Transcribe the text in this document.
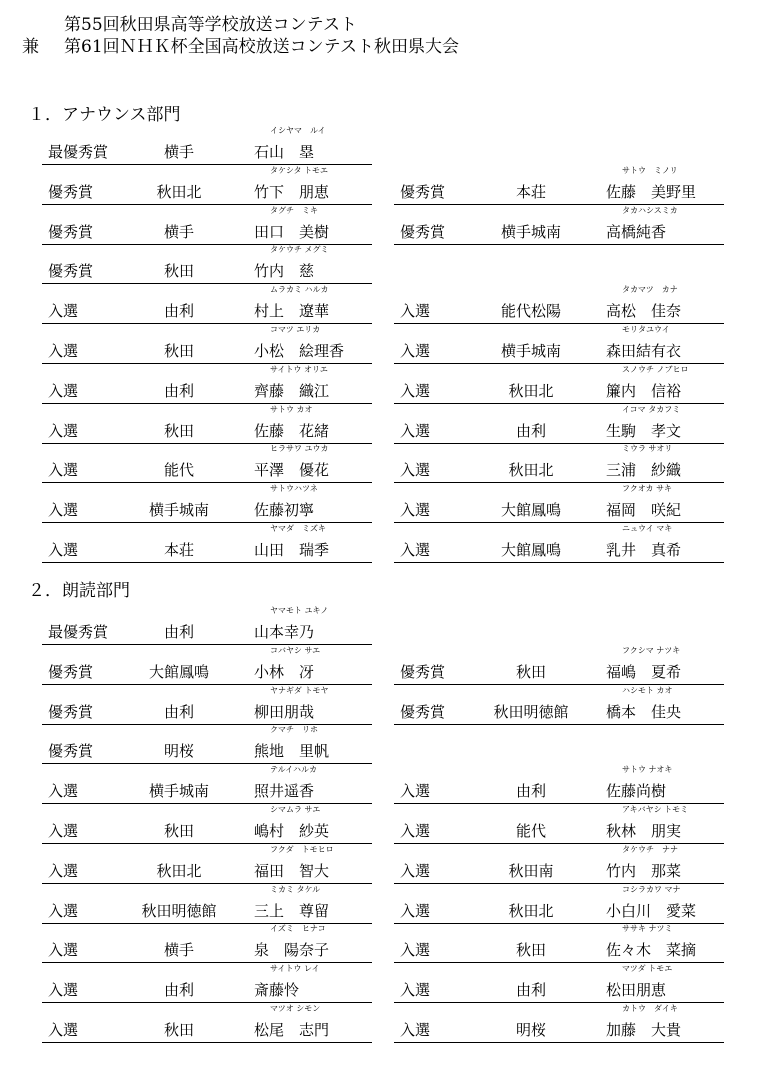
第55回秋田県高等学校放送コンテスト
兼	第61回ＮＨＫ杯全国高校放送コンテスト秋田県大会
１．アナウンス部門
イシヤマ　ルイ
最優秀賞	横手	石山　塁
タケシタ トモエ
優秀賞	秋田北	竹下　朋恵
サトウ　ミノリ
優秀賞	本荘	佐藤　美野里
タグチ　ミキ
優秀賞	横手	田口　美樹
タカハシスミカ
優秀賞	横手城南	高橋純香
タケウチ メグミ
優秀賞	秋田	竹内　慈
ムラカミ ハルカ
入選	由利	村上　遼華
タカマツ　カナ
入選	能代松陽	高松　佳奈
コマツ エリカ
入選	秋田	小松　絵理香
モリタユウイ
入選	横手城南	森田結有衣
サイトウ オリエ
入選	由利	齊藤　織江
スノウチ ノブヒロ
入選	秋田北	簾内　信裕
サトウ カオ
入選	秋田	佐藤　花緒
イコマ タカフミ
入選	由利	生駒　孝文
ヒラサワ ユウカ
入選	能代	平澤　優花
ミウラ サオリ
入選	秋田北	三浦　紗織
サトウハツネ
入選	横手城南	佐藤初寧
フクオカ サキ
入選	大館鳳鳴	福岡　咲紀
ヤマダ　ミズキ
入選	本荘	山田　瑞季
ニュウイ マキ
入選	大館鳳鳴	乳井　真希
２．朗読部門
ヤマモト ユキノ
最優秀賞	由利	山本幸乃
コバヤシ サエ
優秀賞	大館鳳鳴	小林　冴
フクシマ ナツキ
優秀賞	秋田	福嶋　夏希
ヤナギダ トモヤ
優秀賞	由利	柳田朋哉
ハシモト カオ
優秀賞	秋田明徳館	橋本　佳央
クマチ　リホ
優秀賞	明桜	熊地　里帆
テルイハルカ
入選	横手城南	照井遥香
サトウ ナオキ
入選	由利	佐藤尚樹
シマムラ サエ
入選	秋田	嶋村　紗英
アキバヤシ トモミ
入選	能代	秋林　朋実
フクダ　トモヒロ
入選	秋田北	福田　智大
タケウチ　ナナ
入選	秋田南	竹内　那菜
ミカミ タケル
入選	秋田明徳館	三上　尊留
コシラカワ マナ
入選	秋田北	小白川　愛菜
イズミ　ヒナコ
入選	横手	泉　陽奈子
ササキ ナツミ
入選	秋田	佐々木　菜摘
サイトウ レイ
入選	由利	斎藤怜
マツダ トモエ
入選	由利	松田朋恵
マツオ シモン
入選	秋田	松尾　志門
カトウ　ダイキ
入選	明桜	加藤　大貴
